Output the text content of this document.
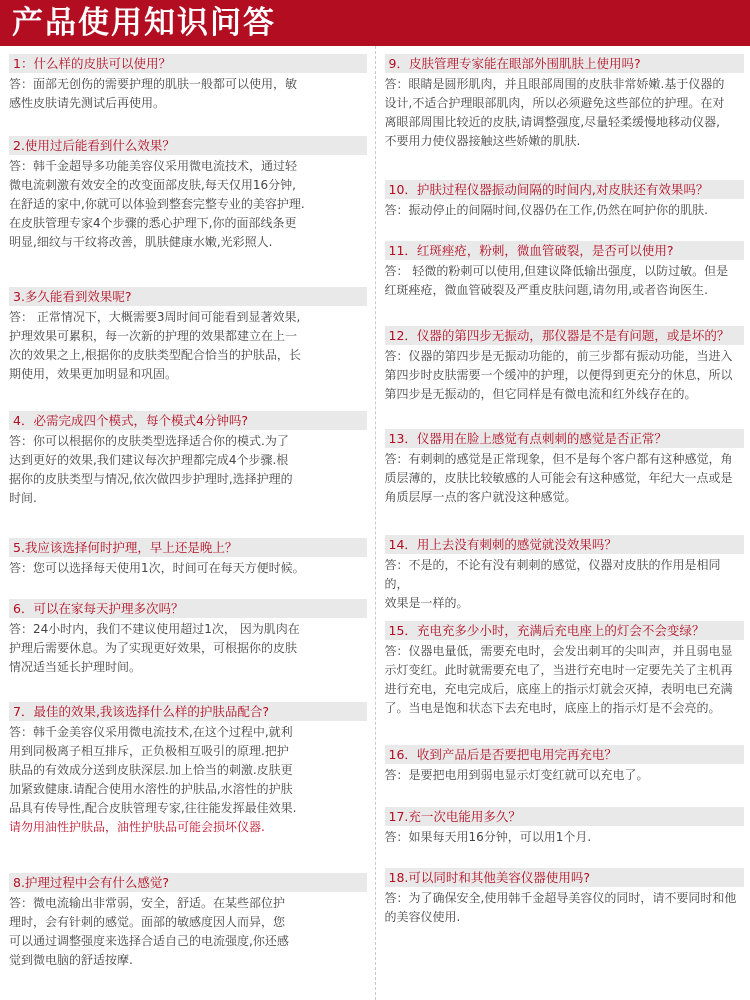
产品使用知识问答
1：什么样的皮肤可以使用？
答：面部无创伤的需要护理的肌肤一般都可以使用，敏
感性皮肤请先测试后再使用。
2.使用过后能看到什么效果？
答：韩千金超导多功能美容仪采用微电流技术，通过轻
微电流刺激有效安全的改变面部皮肤,每天仅用16分钟,
在舒适的家中,你就可以体验到整套完整专业的美容护理.
在皮肤管理专家4个步骤的悉心护理下,你的面部线条更
明显,细纹与干纹将改善，肌肤健康水嫩,光彩照人.
3.多久能看到效果呢?
答： 正常情况下，大概需要3周时间可能看到显著效果,
护理效果可累积，每一次新的护理的效果都建立在上一
次的效果之上,根据你的皮肤类型配合恰当的护肤品，长
期使用，效果更加明显和巩固。
4．必需完成四个模式，每个模式4分钟吗?
答：你可以根据你的皮肤类型选择适合你的模式.为了
达到更好的效果,我们建议每次护理都完成4个步骤.根
据你的皮肤类型与情况,依次做四步护理时,选择护理的
时间.
5.我应该选择何时护理，早上还是晚上？
答：您可以选择每天使用1次，时间可在每天方便时候。
6．可以在家每天护理多次吗？
答：24小时内，我们不建议使用超过1次， 因为肌肉在
护理后需要休息。为了实现更好效果，可根据你的皮肤
情况适当延长护理时间。
7．最佳的效果,我该选择什么样的护肤品配合?
答：韩千金美容仪采用微电流技术,在这个过程中,就利
用到同极离子相互排斥，正负极相互吸引的原理.把护
肤品的有效成分送到皮肤深层.加上恰当的刺激.皮肤更
加紧致健康.请配合使用水溶性的护肤品,水溶性的护肤
品具有传导性,配合皮肤管理专家,往往能发挥最佳效果.
请勿用油性护肤品，油性护肤品可能会损坏仪器.
8.护理过程中会有什么感觉?
答：微电流输出非常弱，安全，舒适。在某些部位护
理时，会有针刺的感觉。面部的敏感度因人而异，您
可以通过调整强度来选择合适自己的电流强度,你还感
觉到微电脑的舒适按摩.
9．皮肤管理专家能在眼部外围肌肤上使用吗?
答：眼睛是圆形肌肉，并且眼部周围的皮肤非常娇嫩.基于仪器的
设计,不适合护理眼部肌肉，所以必须避免这些部位的护理。在对
离眼部周围比较近的皮肤,请调整强度,尽量轻柔缓慢地移动仪器,
不要用力使仪器接触这些娇嫩的肌肤.
10．护肤过程仪器振动间隔的时间内,对皮肤还有效果吗？
答：振动停止的间隔时间,仪器仍在工作,仍然在呵护你的肌肤.
11．红斑痤疮，粉刺，微血管破裂，是否可以使用?
答： 轻微的粉刺可以使用,但建议降低输出强度，以防过敏。但是
红斑痤疮，微血管破裂及严重皮肤问题,请勿用,或者咨询医生.
12．仪器的第四步无振动，那仪器是不是有问题，或是坏的？
答：仪器的第四步是无振动功能的，前三步都有振动功能，当进入
第四步时皮肤需要一个缓冲的护理，以便得到更充分的休息，所以
第四步是无振动的，但它同样是有微电流和红外线存在的。
13．仪器用在脸上感觉有点刺刺的感觉是否正常？
答：有刺刺的感觉是正常现象，但不是每个客户都有这种感觉，角
质层薄的，皮肤比较敏感的人可能会有这种感觉，年纪大一点或是
角质层厚一点的客户就没这种感觉。
14．用上去没有刺刺的感觉就没效果吗？
答：不是的，不论有没有刺刺的感觉，仪器对皮肤的作用是相同的，
效果是一样的。
15．充电充多少小时，充满后充电座上的灯会不会变绿？
答：仪器电量低，需要充电时，会发出刺耳的尖叫声，并且弱电显
示灯变红。此时就需要充电了，当进行充电时一定要先关了主机再
进行充电，充电完成后，底座上的指示灯就会灭掉，表明电已充满
了。当电是饱和状态下去充电时，底座上的指示灯是不会亮的。
16．收到产品后是否要把电用完再充电？
答：是要把电用到弱电显示灯变红就可以充电了。
17.充一次电能用多久？
答：如果每天用16分钟，可以用1个月.
18.可以同时和其他美容仪器使用吗?
答：为了确保安全,使用韩千金超导美容仪的同时，请不要同时和他
的美容仪使用.
